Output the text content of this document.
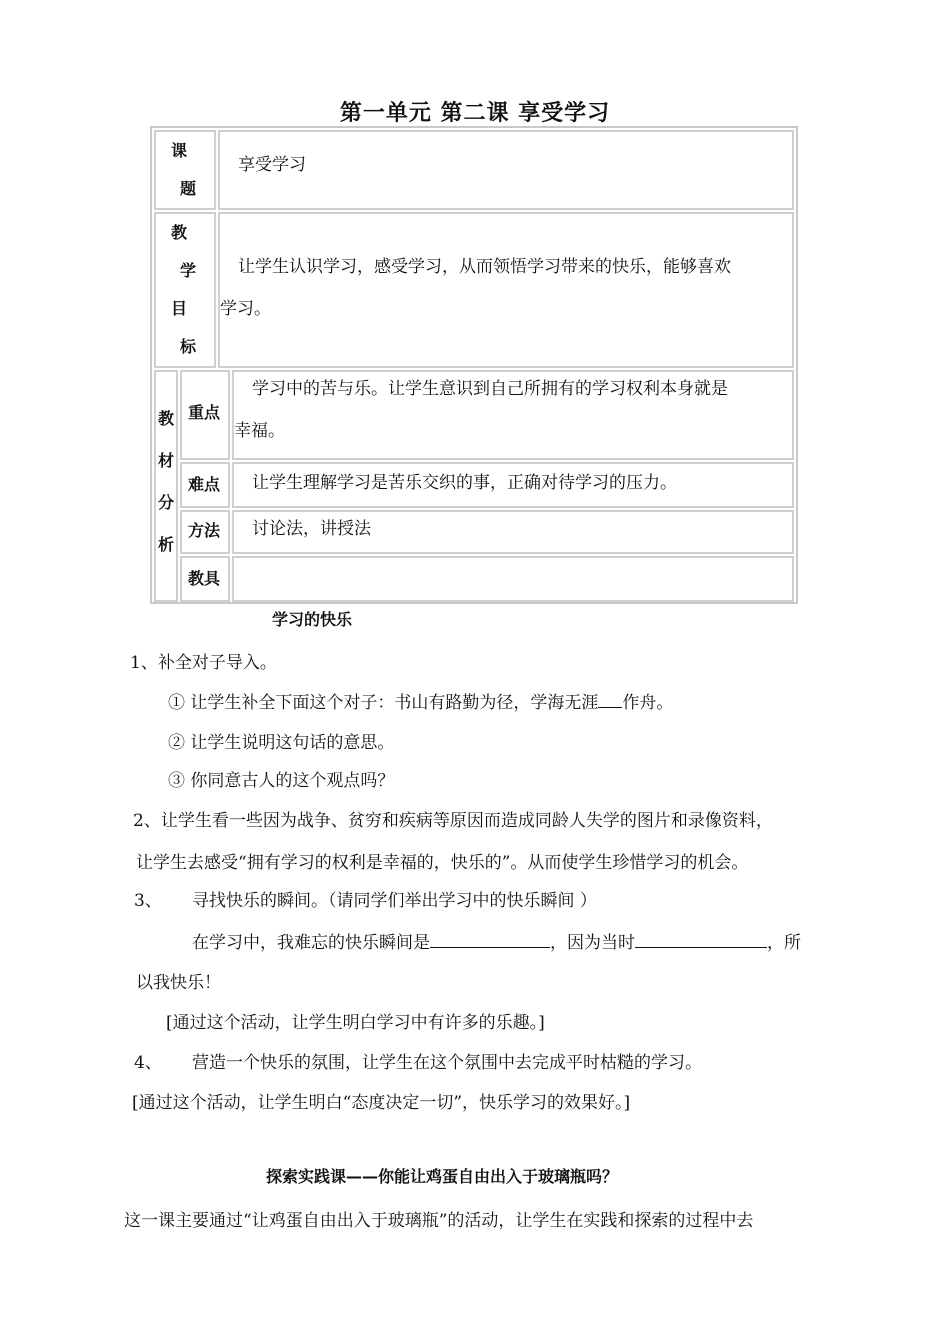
第一单元 第二课 享受学习
课
题
享受学习
教
学
目
标
让学生认识学习，感受学习，从而领悟学习带来的快乐，能够喜欢
学习。
教
材
分
析
重点
学习中的苦与乐。让学生意识到自己所拥有的学习权利本身就是
幸福。
难点 让学生理解学习是苦乐交织的事，正确对待学习的压力。
方法 讨论法，讲授法
教具
学习的快乐
1、补全对子导入。
① 让学生补全下面这个对子：书山有路勤为径，学海无涯 作舟。
② 让学生说明这句话的意思。
③ 你同意古人的这个观点吗？
2、让学生看一些因为战争、贫穷和疾病等原因而造成同龄人失学的图片和录像资料，
让学生去感受“拥有学习的权利是幸福的，快乐的”。从而使学生珍惜学习的机会。
3、 寻找快乐的瞬间。（请同学们举出学习中的快乐瞬间 ）
在学习中，我难忘的快乐瞬间是	，因为当时	，所
以我快乐！
[通过这个活动，让学生明白学习中有许多的乐趣。]
4、 营造一个快乐的氛围，让学生在这个氛围中去完成平时枯糙的学习。
[通过这个活动，让学生明白“态度决定一切”，快乐学习的效果好。]
探索实践课——你能让鸡蛋自由出入于玻璃瓶吗？
这一课主要通过“让鸡蛋自由出入于玻璃瓶”的活动，让学生在实践和探索的过程中去
